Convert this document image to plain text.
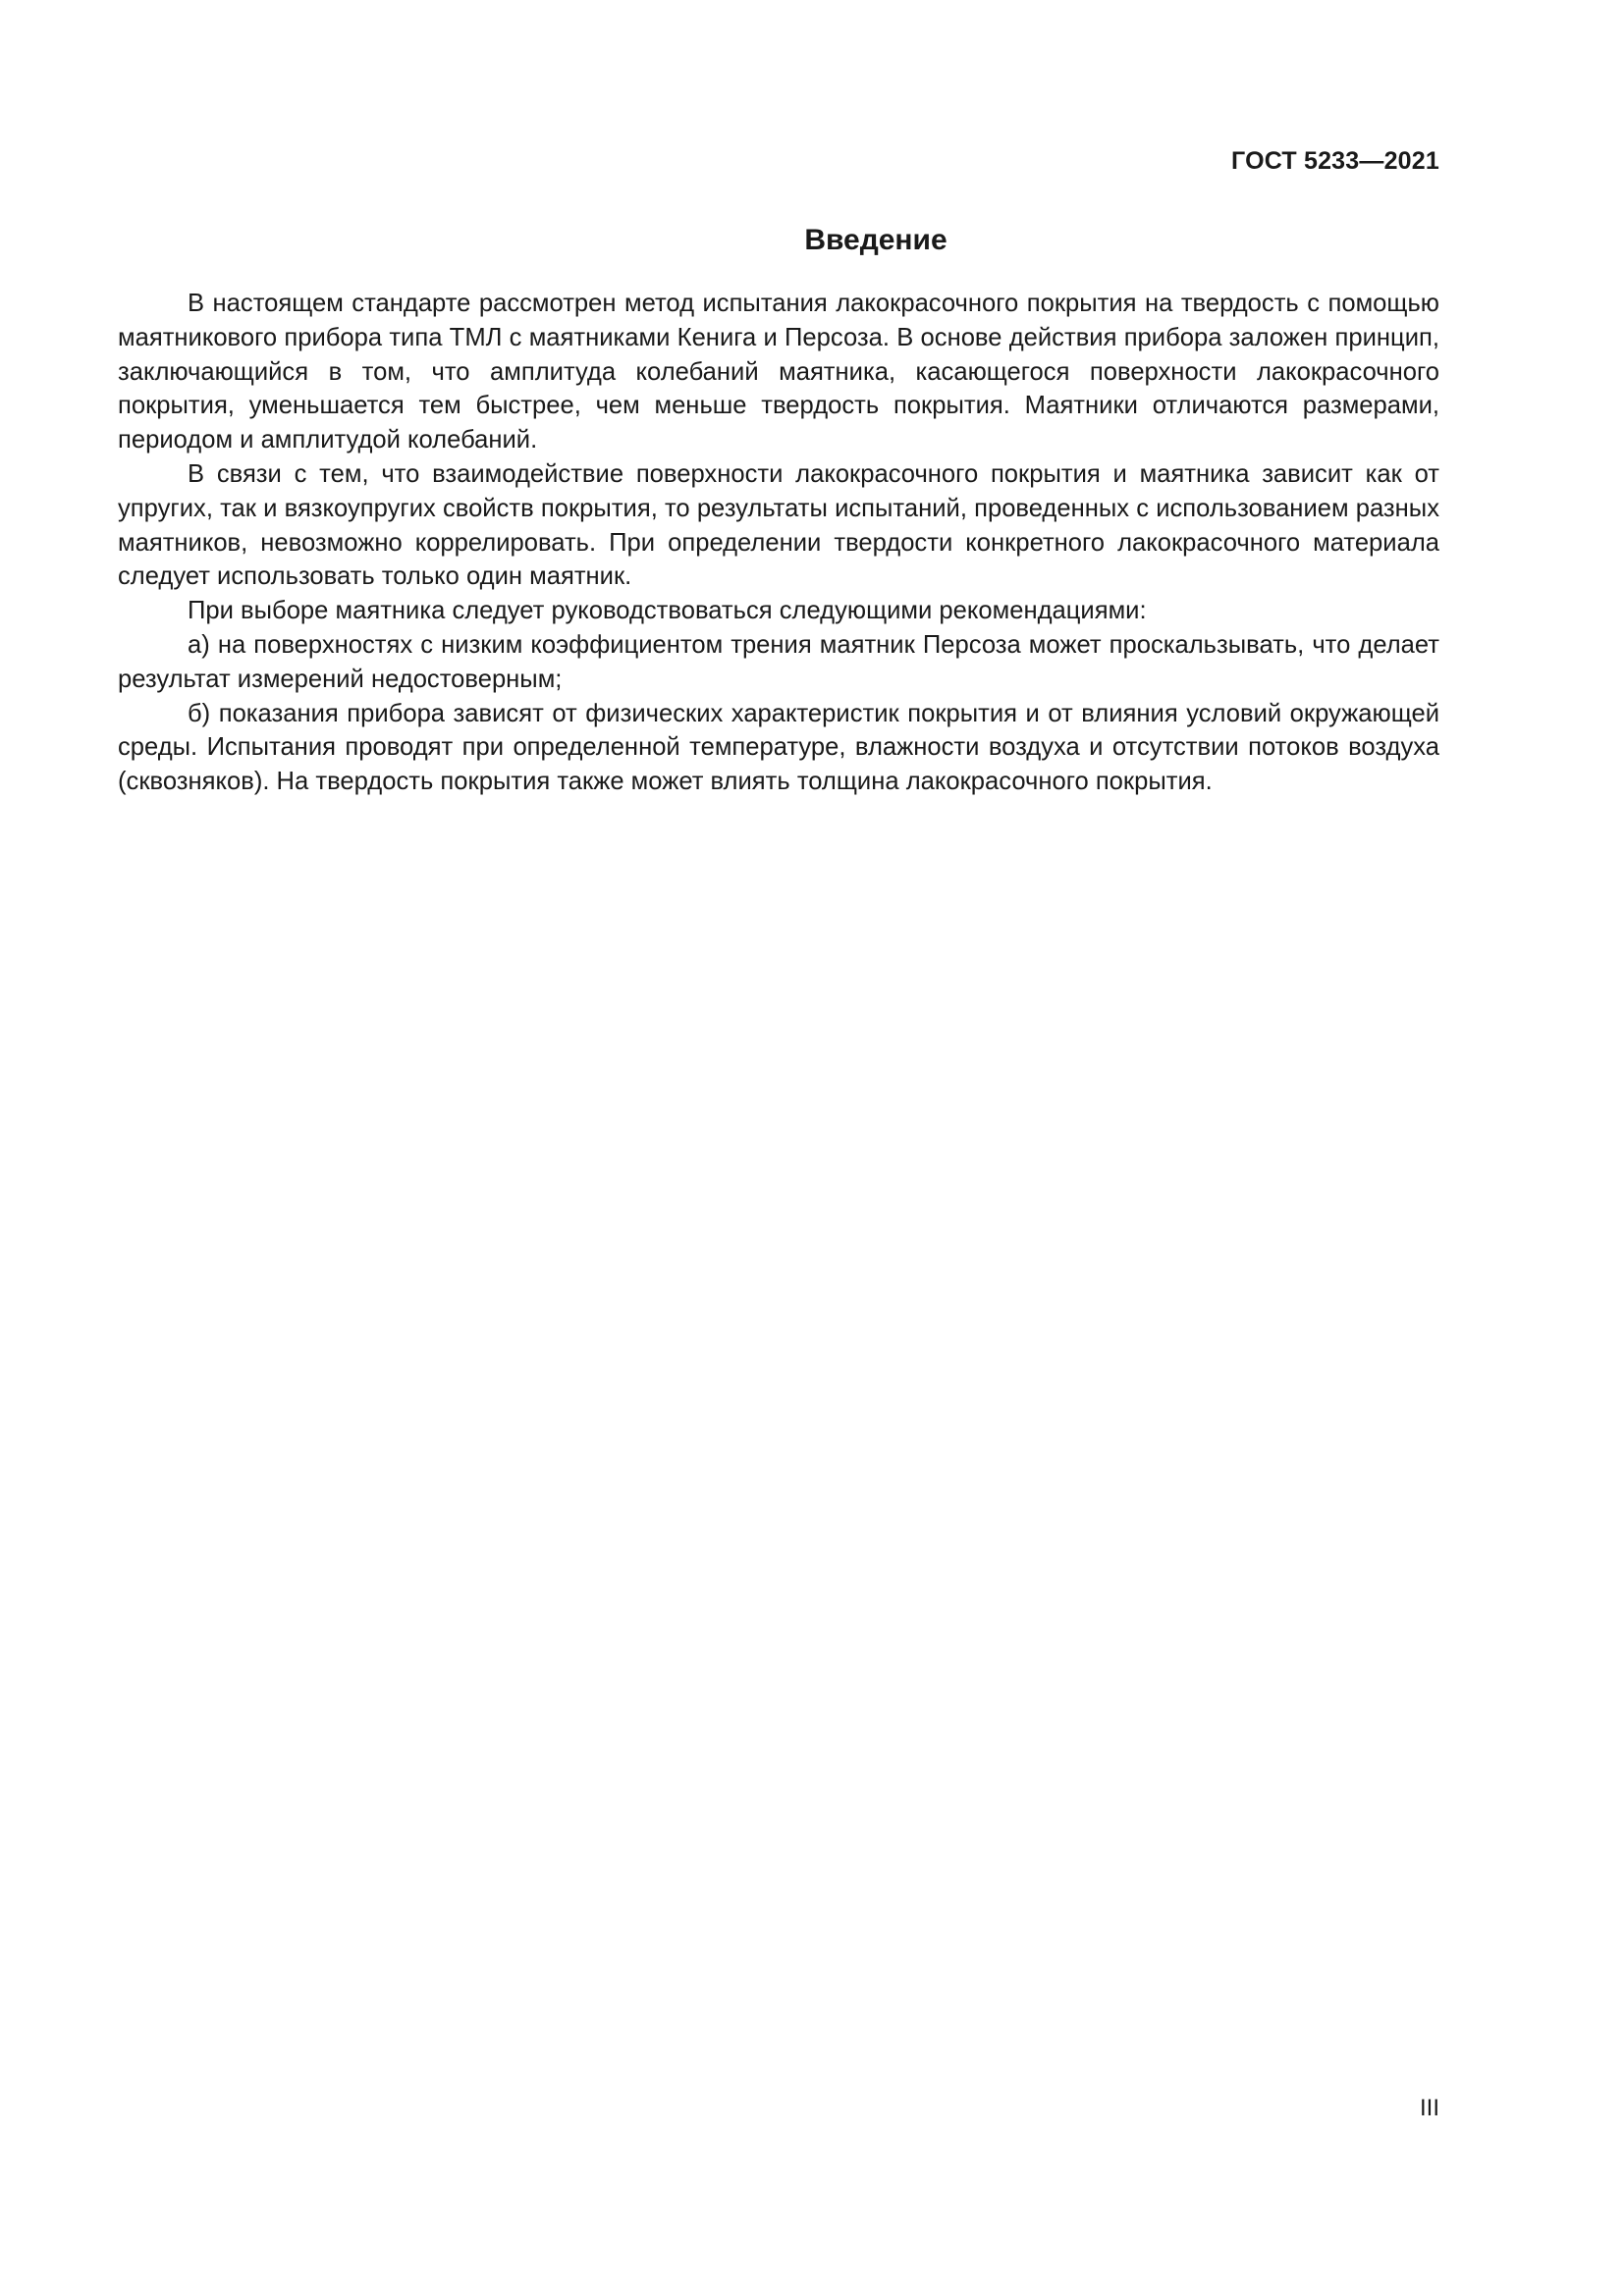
ГОСТ 5233—2021
Введение

В настоящем стандарте рассмотрен метод испытания лакокрасочного покрытия на твердость с помощью маятникового прибора типа ТМЛ с маятниками Кенига и Персоза. В основе действия прибора заложен принцип, заключающийся в том, что амплитуда колебаний маятника, касающегося поверхности лакокрасочного покрытия, уменьшается тем быстрее, чем меньше твердость покрытия. Маятники отличаются размерами, периодом и амплитудой колебаний.

В связи с тем, что взаимодействие поверхности лакокрасочного покрытия и маятника зависит как от упругих, так и вязкоупругих свойств покрытия, то результаты испытаний, проведенных с использованием разных маятников, невозможно коррелировать. При определении твердости конкретного лакокрасочного материала следует использовать только один маятник.

При выборе маятника следует руководствоваться следующими рекомендациями:

а) на поверхностях с низким коэффициентом трения маятник Персоза может проскальзывать, что делает результат измерений недостоверным;

б) показания прибора зависят от физических характеристик покрытия и от влияния условий окружающей среды. Испытания проводят при определенной температуре, влажности воздуха и отсутствии потоков воздуха (сквозняков). На твердость покрытия также может влиять толщина лакокрасочного покрытия.

III
